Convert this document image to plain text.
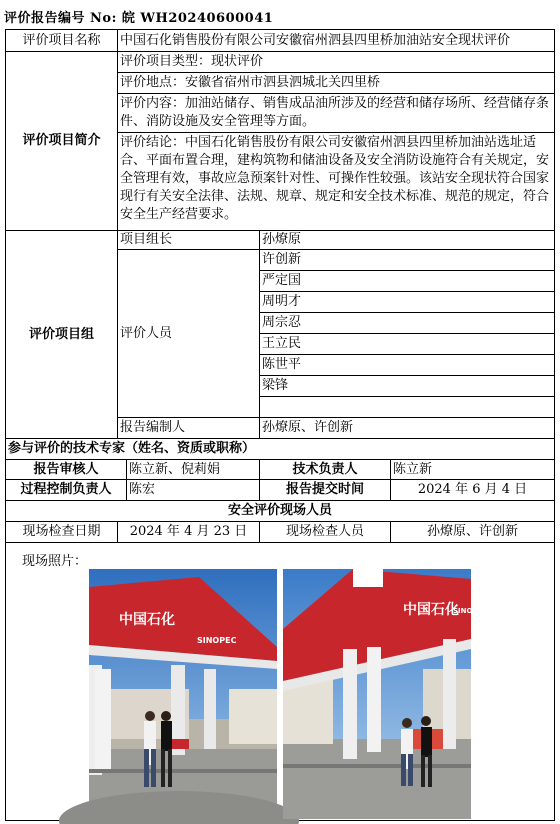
评价报告编号 No: 皖 WH20240600041
评价项目名称	中国石化销售股份有限公司安徽宿州泗县四里桥加油站安全现状评价			
评价项目简介	评价项目类型：现状评价
评价地点：安徽省宿州市泗县泗城北关四里桥
评价内容：加油站储存、销售成品油所涉及的经营和储存场所、经营储存条件、消防设施及安全管理等方面。
评价结论：中国石化销售股份有限公司安徽宿州泗县四里桥加油站选址适合、平面布置合理，建构筑物和储油设备及安全消防设施符合有关规定，安全管理有效，事故应急预案针对性、可操作性较强。该站安全现状符合国家现行有关安全法律、法规、规章、规定和安全技术标准、规范的规定，符合安全生产经营要求。			

评价项目组	项目组长		孙燎原	
	评价人员		许创新	
			严定国	
			周明才	
			周宗忍	
			王立民	
			陈世平	
			梁锋	

	报告编制人		孙燎原、许创新	
参与评价的技术专家（姓名、资质或职称）				
报告审核人		陈立新、倪莉娟	技术负责人	陈立新
过程控制负责人		陈宏	报告提交时间	2024 年 6 月 4 日
安全评价现场人员				
现场检查日期	2024 年 4 月 23 日		现场检查人员	孙燎原、许创新

现场照片：				
中国石化
SINOPEC
中国石化
SINOPEC
